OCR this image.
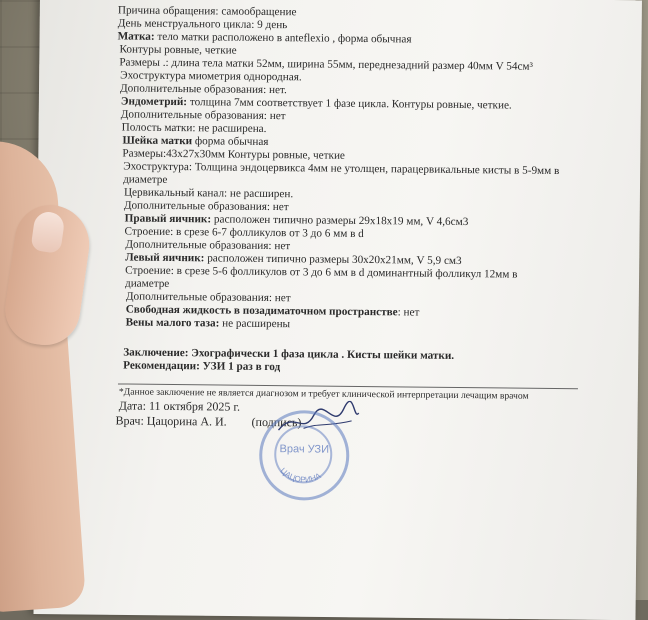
Причина обращения: самообращение
День менструального цикла: 9 день
Матка: тело матки расположено в anteflexio , форма обычная
Контуры ровные, четкие
Размеры .: длина тела матки 52мм, ширина 55мм, переднезадний размер 40мм V 54см³
Эхоструктура миометрия однородная.
Дополнительные образования: нет.
Эндометрий: толщина 7мм соответствует 1 фазе цикла. Контуры ровные, четкие.
Дополнительные образования: нет
Полость матки: не расширена.
Шейка матки форма обычная
Размеры:43х27х30мм Контуры ровные, четкие
Эхоструктура: Толщина эндоцервикса 4мм не утолщен, парацервикальные кисты в 5-9мм в
диаметре
Цервикальный канал: не расширен.
Дополнительные образования: нет
Правый яичник: расположен типично размеры 29х18х19 мм, V 4,6см3
Строение: в срезе 6-7 фолликулов от 3 до 6 мм в d
Дополнительные образования: нет
Левый яичник: расположен типично размеры 30х20х21мм, V 5,9 см3
Строение: в срезе 5-6 фолликулов от 3 до 6 мм в d доминантный фолликул 12мм в
диаметре
Дополнительные образования: нет
Свободная жидкость в позадиматочном пространстве: нет
Вены малого таза: не расширены
Заключение: Эхографически 1 фаза цикла . Кисты шейки матки.
Рекомендации: УЗИ 1 раз в год
*Данное заключение не является диагнозом и требует клинической интерпретации лечащим врачом
Дата: 11 октября 2025 г.
Врач: Цацорина А. И. (подпись)
Врач УЗИ
ЦАЦОРИНА
